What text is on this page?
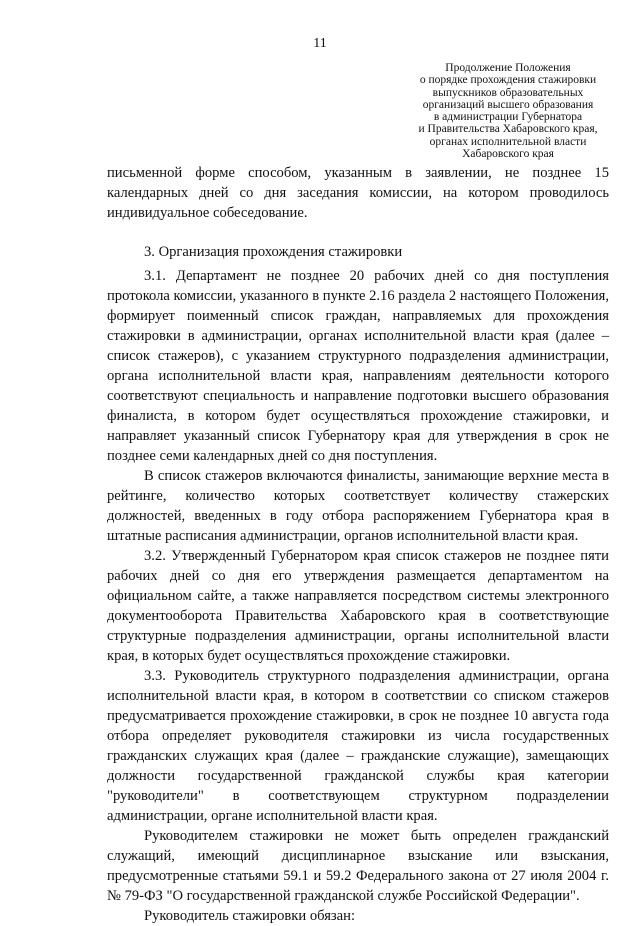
11
Продолжение Положения
о порядке прохождения стажировки
выпускников образовательных
организаций высшего образования
в администрации Губернатора
и Правительства Хабаровского края,
органах исполнительной власти
Хабаровского края

письменной форме способом, указанным в заявлении, не позднее 15 календарных дней со дня заседания комиссии, на котором проводилось индивидуальное собеседование.

3. Организация прохождения стажировки

3.1. Департамент не позднее 20 рабочих дней со дня поступления протокола комиссии, указанного в пункте 2.16 раздела 2 настоящего Положения, формирует поименный список граждан, направляемых для прохождения стажировки в администрации, органах исполнительной власти края (далее – список стажеров), с указанием структурного подразделения администрации, органа исполнительной власти края, направлениям деятельности которого соответствуют специальность и направление подготовки высшего образования финалиста, в котором будет осуществляться прохождение стажировки, и направляет указанный список Губернатору края для утверждения в срок не позднее семи календарных дней со дня поступления.

В список стажеров включаются финалисты, занимающие верхние места в рейтинге, количество которых соответствует количеству стажерских должностей, введенных в году отбора распоряжением Губернатора края в штатные расписания администрации, органов исполнительной власти края.

3.2. Утвержденный Губернатором края список стажеров не позднее пяти рабочих дней со дня его утверждения размещается департаментом на официальном сайте, а также направляется посредством системы электронного документооборота Правительства Хабаровского края в соответствующие структурные подразделения администрации, органы исполнительной власти края, в которых будет осуществляться прохождение стажировки.

3.3. Руководитель структурного подразделения администрации, органа исполнительной власти края, в котором в соответствии со списком стажеров предусматривается прохождение стажировки, в срок не позднее 10 августа года отбора определяет руководителя стажировки из числа государственных гражданских служащих края (далее – гражданские служащие), замещающих должности государственной гражданской службы края категории "руководители" в соответствующем структурном подразделении администрации, органе исполнительной власти края.

Руководителем стажировки не может быть определен гражданский служащий, имеющий дисциплинарное взыскание или взыскания, предусмотренные статьями 59.1 и 59.2 Федерального закона от 27 июля 2004 г. № 79-ФЗ "О государственной гражданской службе Российской Федерации".

Руководитель стажировки обязан:
